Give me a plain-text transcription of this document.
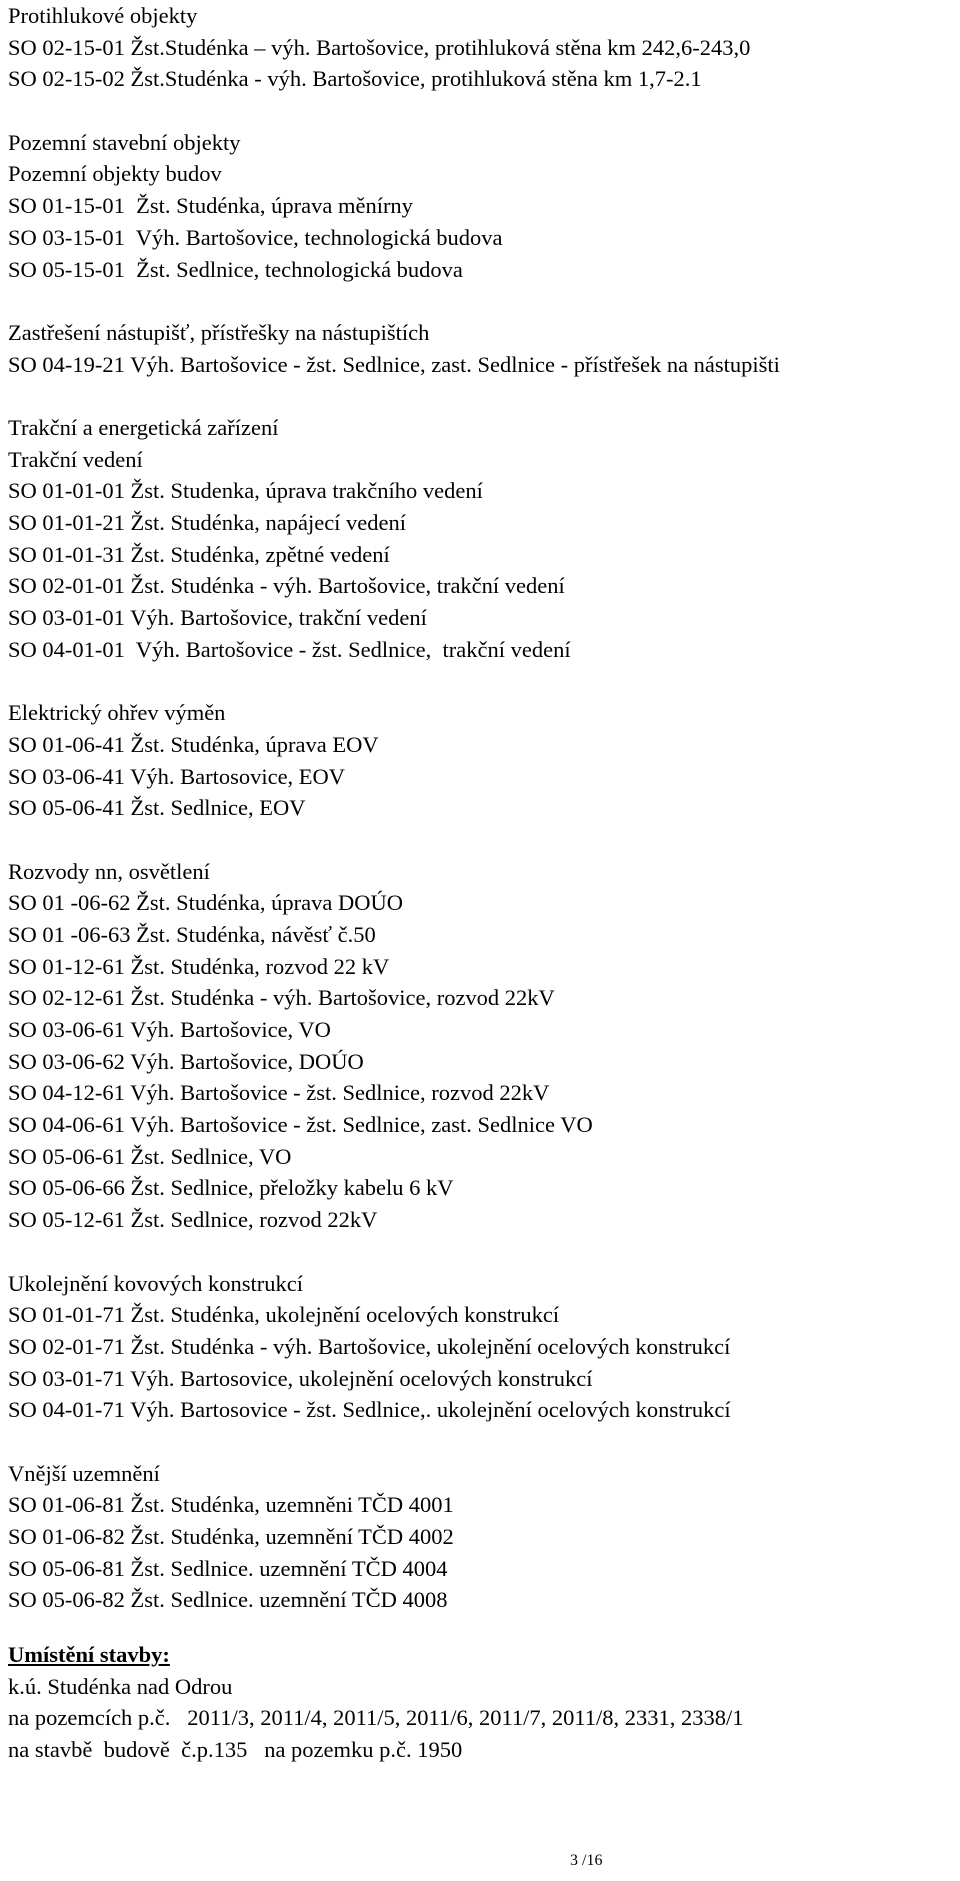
Protihlukové objekty
SO 02-15-01 Žst.Studénka – výh. Bartošovice, protihluková stěna km 242,6-243,0
SO 02-15-02 Žst.Studénka - výh. Bartošovice, protihluková stěna km 1,7-2.1
Pozemní stavební objekty
Pozemní objekty budov
SO 01-15-01  Žst. Studénka, úprava měnírny
SO 03-15-01  Výh. Bartošovice, technologická budova
SO 05-15-01  Žst. Sedlnice, technologická budova
Zastřešení nástupišť, přístřešky na nástupištích
SO 04-19-21 Výh. Bartošovice - žst. Sedlnice, zast. Sedlnice - přístřešek na nástupišti
Trakční a energetická zařízení
Trakční vedení
SO 01-01-01 Žst. Studenka, úprava trakčního vedení
SO 01-01-21 Žst. Studénka, napájecí vedení
SO 01-01-31 Žst. Studénka, zpětné vedení
SO 02-01-01 Žst. Studénka - výh. Bartošovice, trakční vedení
SO 03-01-01 Výh. Bartošovice, trakční vedení
SO 04-01-01  Výh. Bartošovice - žst. Sedlnice,  trakční vedení
Elektrický ohřev výměn
SO 01-06-41 Žst. Studénka, úprava EOV
SO 03-06-41 Výh. Bartosovice, EOV
SO 05-06-41 Žst. Sedlnice, EOV
Rozvody nn, osvětlení
SO 01 -06-62 Žst. Studénka, úprava DOÚO
SO 01 -06-63 Žst. Studénka, návěsť č.50
SO 01-12-61 Žst. Studénka, rozvod 22 kV
SO 02-12-61 Žst. Studénka - výh. Bartošovice, rozvod 22kV
SO 03-06-61 Výh. Bartošovice, VO
SO 03-06-62 Výh. Bartošovice, DOÚO
SO 04-12-61 Výh. Bartošovice - žst. Sedlnice, rozvod 22kV
SO 04-06-61 Výh. Bartošovice - žst. Sedlnice, zast. Sedlnice VO
SO 05-06-61 Žst. Sedlnice, VO
SO 05-06-66 Žst. Sedlnice, přeložky kabelu 6 kV
SO 05-12-61 Žst. Sedlnice, rozvod 22kV
Ukolejnění kovových konstrukcí
SO 01-01-71 Žst. Studénka, ukolejnění ocelových konstrukcí
SO 02-01-71 Žst. Studénka - výh. Bartošovice, ukolejnění ocelových konstrukcí
SO 03-01-71 Výh. Bartosovice, ukolejnění ocelových konstrukcí
SO 04-01-71 Výh. Bartosovice - žst. Sedlnice,. ukolejnění ocelových konstrukcí
Vnější uzemnění
SO 01-06-81 Žst. Studénka, uzemněni TČD 4001
SO 01-06-82 Žst. Studénka, uzemnění TČD 4002
SO 05-06-81 Žst. Sedlnice. uzemnění TČD 4004
SO 05-06-82 Žst. Sedlnice. uzemnění TČD 4008
Umístění stavby:
k.ú. Studénka nad Odrou
na pozemcích p.č.   2011/3, 2011/4, 2011/5, 2011/6, 2011/7, 2011/8, 2331, 2338/1
na stavbě  budově  č.p.135   na pozemku p.č. 1950
3 /16
